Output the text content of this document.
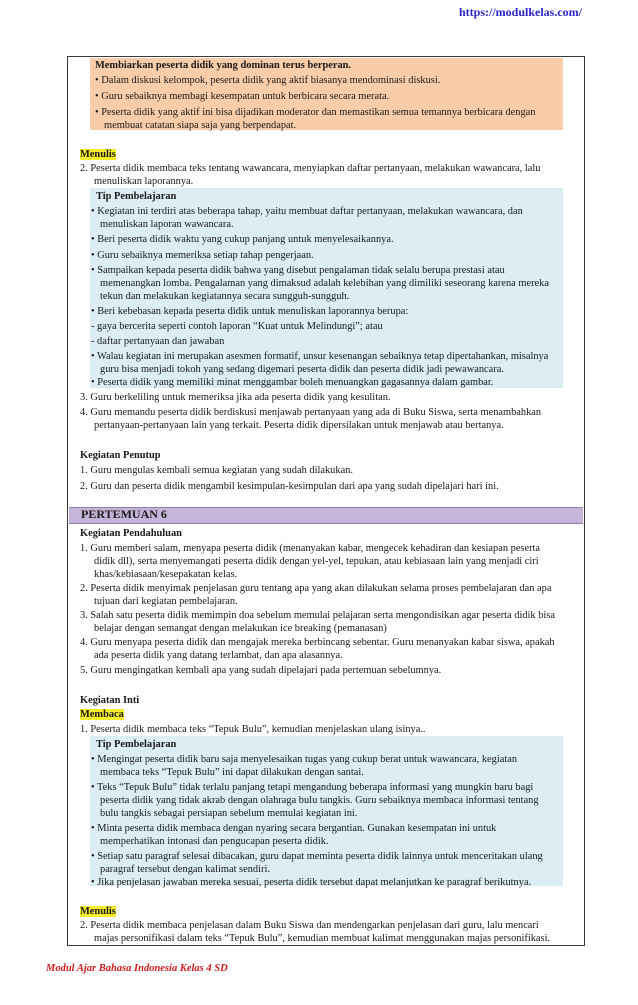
https://modulkelas.com/
Membiarkan peserta didik yang dominan terus berperan.
• Dalam diskusi kelompok, peserta didik yang aktif biasanya mendominasi diskusi.
• Guru sebaiknya membagi kesempatan untuk berbicara secara merata.
• Peserta didik yang aktif ini bisa dijadikan moderator dan memastikan semua temannya berbicara dengan
membuat catatan siapa saja yang berpendapat.
Menulis
2. Peserta didik membaca teks tentang wawancara, menyiapkan daftar pertanyaan, melakukan wawancara, lalu
menuliskan laporannya.
Tip Pembelajaran
• Kegiatan ini terdiri atas beberapa tahap, yaitu membuat daftar pertanyaan, melakukan wawancara, dan
menuliskan laporan wawancara.
• Beri peserta didik waktu yang cukup panjang untuk menyelesaikannya.
• Guru sebaiknya memeriksa setiap tahap pengerjaan.
• Sampaikan kepada peserta didik bahwa yang disebut pengalaman tidak selalu berupa prestasi atau
memenangkan lomba. Pengalaman yang dimaksud adalah kelebihan yang dimiliki seseorang karena mereka
tekun dan melakukan kegiatannya secara sungguh-sungguh.
• Beri kebebasan kepada peserta didik untuk menuliskan laporannya berupa:
- gaya bercerita seperti contoh laporan “Kuat untuk Melindungi”; atau
- daftar pertanyaan dan jawaban
• Walau kegiatan ini merupakan asesmen formatif, unsur kesenangan sebaiknya tetap dipertahankan, misalnya
guru bisa menjadi tokoh yang sedang digemari peserta didik dan peserta didik jadi pewawancara.
• Peserta didik yang memiliki minat menggambar boleh menuangkan gagasannya dalam gambar.
3. Guru berkeliling untuk memeriksa jika ada peserta didik yang kesulitan.
4. Guru memandu peserta didik berdiskusi menjawab pertanyaan yang ada di Buku Siswa, serta menambahkan
pertanyaan-pertanyaan lain yang terkait. Peserta didik dipersilakan untuk menjawab atau bertanya.
Kegiatan Penutup
1. Guru mengulas kembali semua kegiatan yang sudah dilakukan.
2. Guru dan peserta didik mengambil kesimpulan-kesimpulan dari apa yang sudah dipelajari hari ini.
PERTEMUAN 6
Kegiatan Pendahuluan
1. Guru memberi salam, menyapa peserta didik (menanyakan kabar, mengecek kehadiran dan kesiapan peserta
didik dll), serta menyemangati peserta didik dengan yel-yel, tepukan, atau kebiasaan lain yang menjadi ciri
khas/kebiasaan/kesepakatan kelas.
2. Peserta didik menyimak penjelasan guru tentang apa yang akan dilakukan selama proses pembelajaran dan apa
tujuan dari kegiatan pembelajaran.
3. Salah satu peserta didik memimpin doa sebelum memulai pelajaran serta mengondisikan agar peserta didik bisa
belajar dengan semangat dengan melakukan ice breaking (pemanasan)
4. Guru menyapa peserta didik dan mengajak mereka berbincang sebentar. Guru menanyakan kabar siswa, apakah
ada peserta didik yang datang terlambat, dan apa alasannya.
5. Guru mengingatkan kembali apa yang sudah dipelajari pada pertemuan sebelumnya.
Kegiatan Inti
Membaca
1. Peserta didik membaca teks “Tepuk Bulu”, kemudian menjelaskan ulang isinya..
Tip Pembelajaran
• Mengingat peserta didik baru saja menyelesaikan tugas yang cukup berat untuk wawancara, kegiatan
membaca teks “Tepuk Bulu” ini dapat dilakukan dengan santai.
• Teks “Tepuk Bulu” tidak terlalu panjang tetapi mengandung beberapa informasi yang mungkin baru bagi
peserta didik yang tidak akrab dengan olahraga bulu tangkis. Guru sebaiknya membaca informasi tentang
bulu tangkis sebagai persiapan sebelum memulai kegiatan ini.
• Minta peserta didik membaca dengan nyaring secara bergantian. Gunakan kesempatan ini untuk
memperhatikan intonasi dan pengucapan peserta didik.
• Setiap satu paragraf selesai dibacakan, guru dapat meminta peserta didik lainnya untuk menceritakan ulang
paragraf tersebut dengan kalimat sendiri.
• Jika penjelasan jawaban mereka sesuai, peserta didik tersebut dapat melanjutkan ke paragraf berikutnya.
Menulis
2. Peserta didik membaca penjelasan dalam Buku Siswa dan mendengarkan penjelasan dari guru, lalu mencari
majas personifikasi dalam teks “Tepuk Bulu”, kemudian membuat kalimat menggunakan majas personifikasi.
Modul Ajar Bahasa Indonesia Kelas 4 SD
